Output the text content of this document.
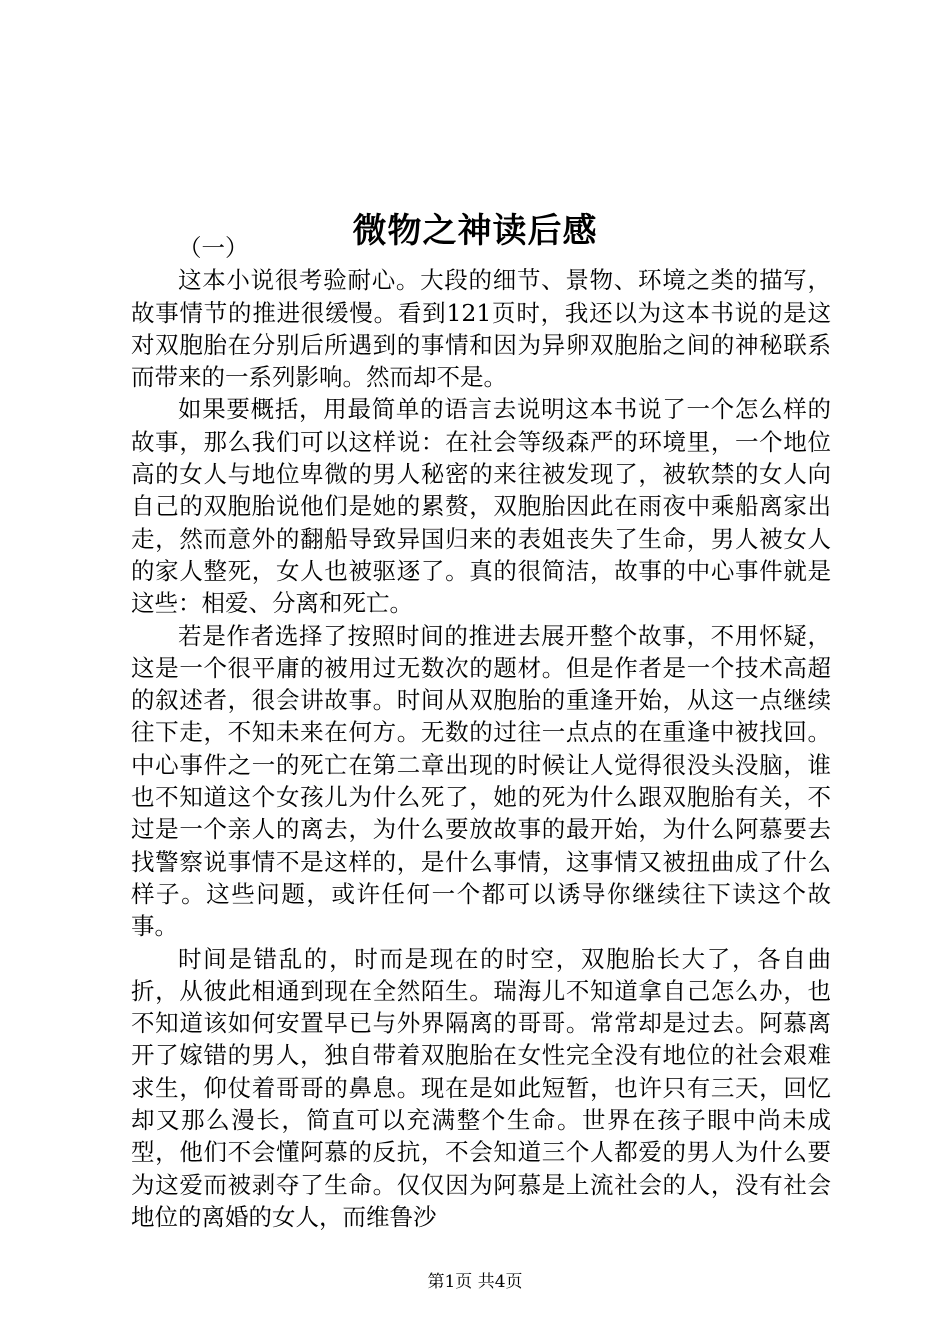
微物之神读后感

（一）

这本小说很考验耐心。大段的细节、景物、环境之类的描写，故事情节的推进很缓慢。看到121页时，我还以为这本书说的是这对双胞胎在分别后所遇到的事情和因为异卵双胞胎之间的神秘联系而带来的一系列影响。然而却不是。

如果要概括，用最简单的语言去说明这本书说了一个怎么样的故事，那么我们可以这样说：在社会等级森严的环境里，一个地位高的女人与地位卑微的男人秘密的来往被发现了，被软禁的女人向自己的双胞胎说他们是她的累赘，双胞胎因此在雨夜中乘船离家出走，然而意外的翻船导致异国归来的表姐丧失了生命，男人被女人的家人整死，女人也被驱逐了。真的很简洁，故事的中心事件就是这些：相爱、分离和死亡。

若是作者选择了按照时间的推进去展开整个故事，不用怀疑，这是一个很平庸的被用过无数次的题材。但是作者是一个技术高超的叙述者，很会讲故事。时间从双胞胎的重逢开始，从这一点继续往下走，不知未来在何方。无数的过往一点点的在重逢中被找回。中心事件之一的死亡在第二章出现的时候让人觉得很没头没脑，谁也不知道这个女孩儿为什么死了，她的死为什么跟双胞胎有关，不过是一个亲人的离去，为什么要放故事的最开始，为什么阿慕要去找警察说事情不是这样的，是什么事情，这事情又被扭曲成了什么样子。这些问题，或许任何一个都可以诱导你继续往下读这个故事。

时间是错乱的，时而是现在的时空，双胞胎长大了，各自曲折，从彼此相通到现在全然陌生。瑞海儿不知道拿自己怎么办，也不知道该如何安置早已与外界隔离的哥哥。常常却是过去。阿慕离开了嫁错的男人，独自带着双胞胎在女性完全没有地位的社会艰难求生，仰仗着哥哥的鼻息。现在是如此短暂，也许只有三天，回忆却又那么漫长，简直可以充满整个生命。世界在孩子眼中尚未成型，他们不会懂阿慕的反抗，不会知道三个人都爱的男人为什么要为这爱而被剥夺了生命。仅仅因为阿慕是上流社会的人，没有社会地位的离婚的女人，而维鲁沙

第1页 共4页
